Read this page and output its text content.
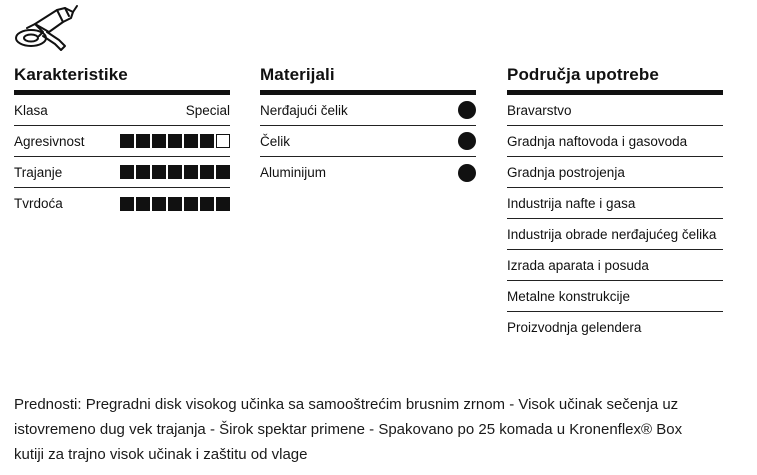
Karakteristike
Klasa	Special
Agresivnost
Trajanje
Tvrdoća
Materijali
Nerđajući čelik
Čelik
Aluminijum
Područja upotrebe
Bravarstvo
Gradnja naftovoda i gasovoda
Gradnja postrojenja
Industrija nafte i gasa
Industrija obrade nerđajućeg čelika
Izrada aparata i posuda
Metalne konstrukcije
Proizvodnja gelendera
Prednosti: Pregradni disk visokog učinka sa samooštrećim brusnim zrnom - Visok učinak sečenja uz istovremeno dug vek trajanja - Širok spektar primene - Spakovano po 25 komada u Kronenflex® Box kutiji za trajno visok učinak i zaštitu od vlage
